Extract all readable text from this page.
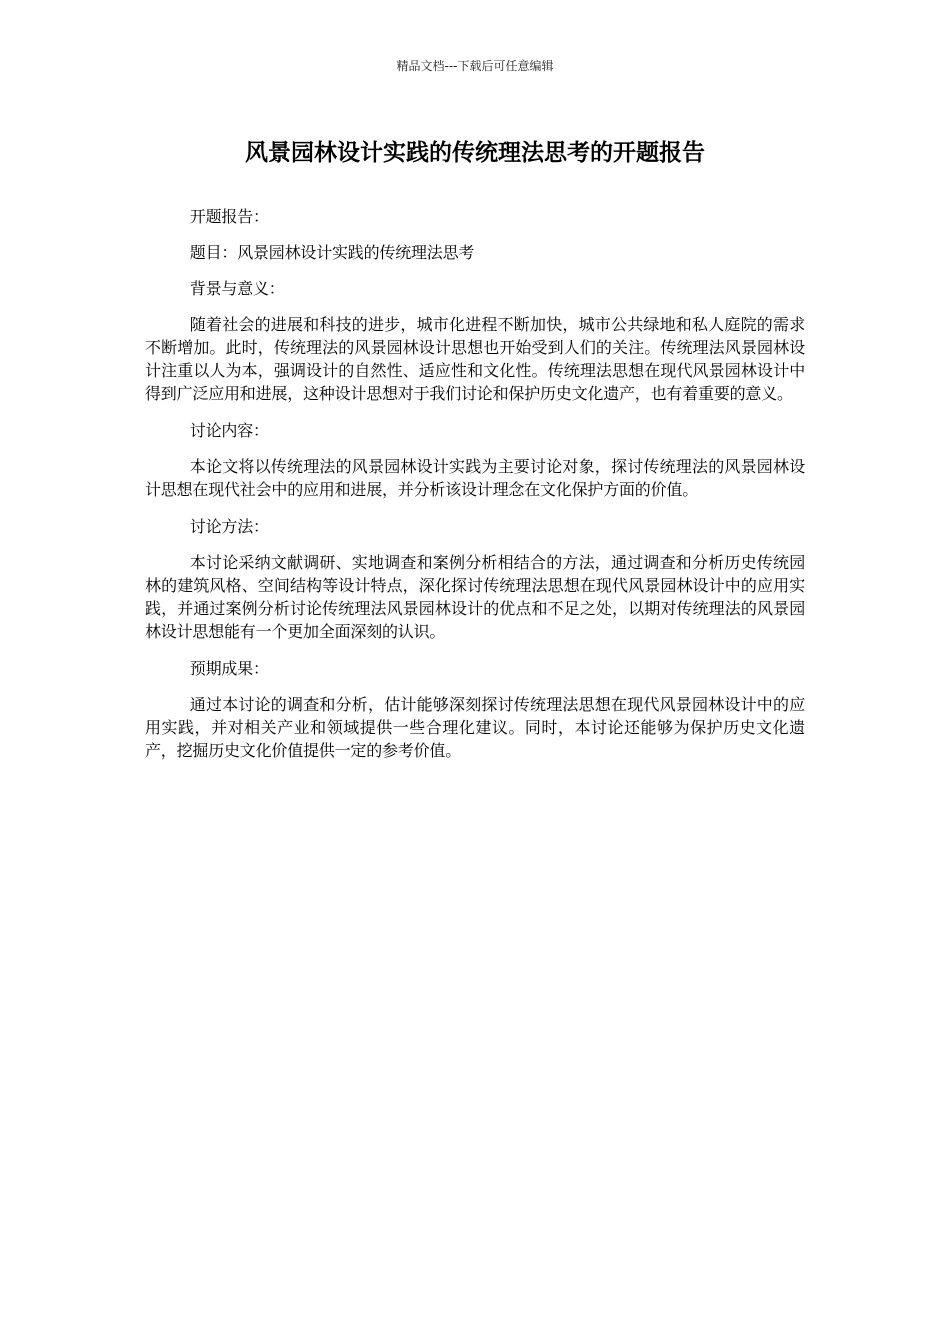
精品文档---下载后可任意编辑
风景园林设计实践的传统理法思考的开题报告

开题报告：

题目：风景园林设计实践的传统理法思考

背景与意义：

随着社会的进展和科技的进步，城市化进程不断加快，城市公共绿地和私人庭院的需求不断增加。此时，传统理法的风景园林设计思想也开始受到人们的关注。传统理法风景园林设计注重以人为本，强调设计的自然性、适应性和文化性。传统理法思想在现代风景园林设计中得到广泛应用和进展，这种设计思想对于我们讨论和保护历史文化遗产，也有着重要的意义。

讨论内容：

本论文将以传统理法的风景园林设计实践为主要讨论对象，探讨传统理法的风景园林设计思想在现代社会中的应用和进展，并分析该设计理念在文化保护方面的价值。

讨论方法：

本讨论采纳文献调研、实地调查和案例分析相结合的方法，通过调查和分析历史传统园林的建筑风格、空间结构等设计特点，深化探讨传统理法思想在现代风景园林设计中的应用实践，并通过案例分析讨论传统理法风景园林设计的优点和不足之处，以期对传统理法的风景园林设计思想能有一个更加全面深刻的认识。

预期成果：

通过本讨论的调查和分析，估计能够深刻探讨传统理法思想在现代风景园林设计中的应用实践，并对相关产业和领域提供一些合理化建议。同时，本讨论还能够为保护历史文化遗产，挖掘历史文化价值提供一定的参考价值。
